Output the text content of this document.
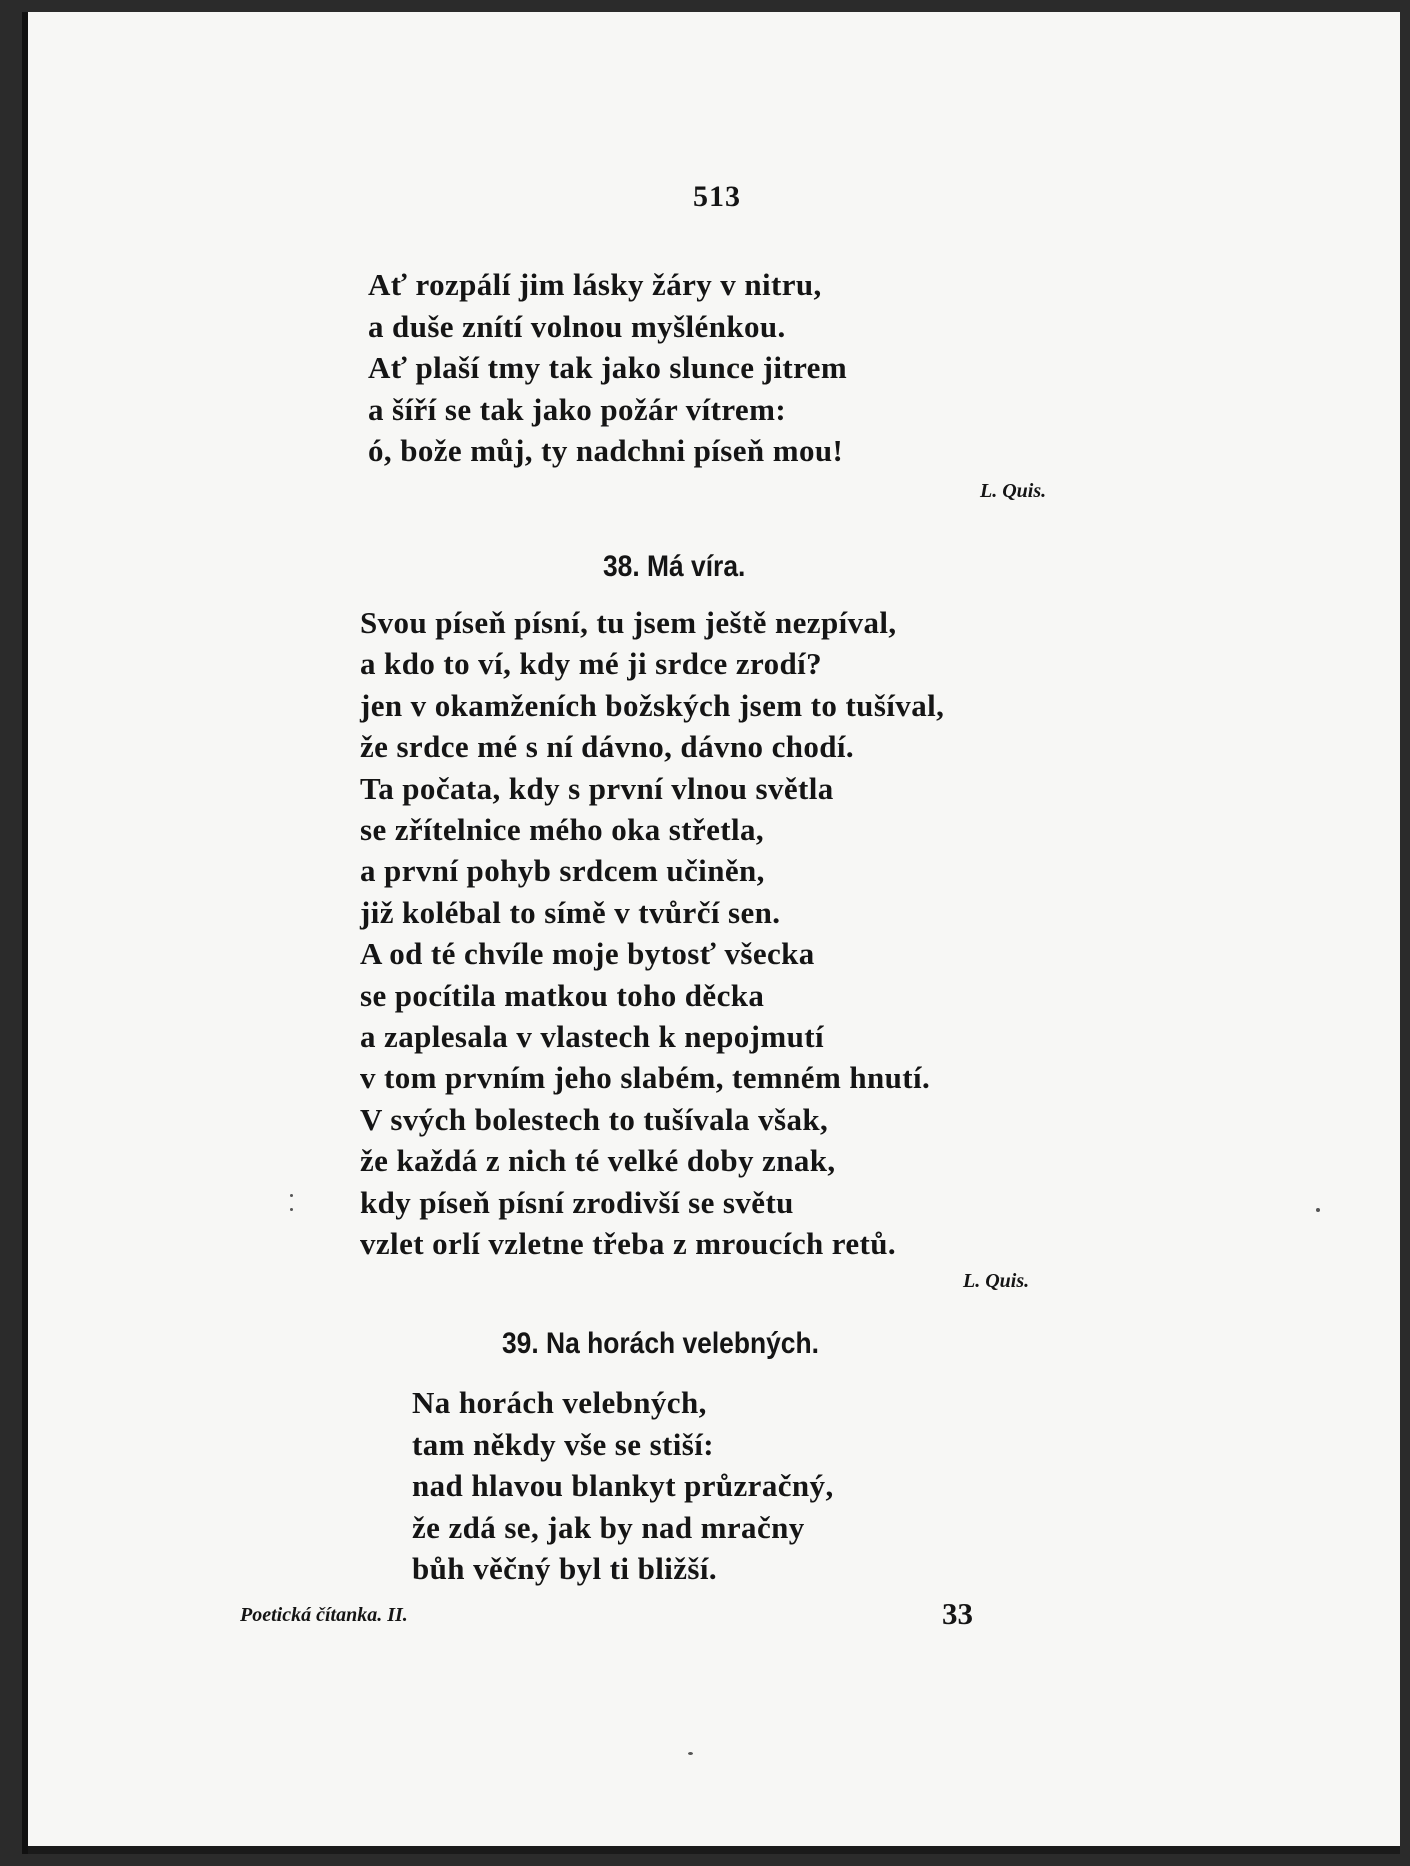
513
Ať rozpálí jim lásky žáry v nitru,
a duše znítí volnou myšlénkou.
Ať plaší tmy tak jako slunce jitrem
a šíří se tak jako požár vítrem:
ó, bože můj, ty nadchni píseň mou!
L. Quis.
38. Má víra.
Svou píseň písní, tu jsem ještě nezpíval,
a kdo to ví, kdy mé ji srdce zrodí?
jen v okamženích božských jsem to tušíval,
že srdce mé s ní dávno, dávno chodí.
Ta počata, kdy s první vlnou světla
se zřítelnice mého oka střetla,
a první pohyb srdcem učiněn,
již kolébal to símě v tvůrčí sen.
A od té chvíle moje bytosť všecka
se pocítila matkou toho děcka
a zaplesala v vlastech k nepojmutí
v tom prvním jeho slabém, temném hnutí.
V svých bolestech to tušívala však,
že každá z nich té velké doby znak,
kdy píseň písní zrodivší se světu
vzlet orlí vzletne třeba z mroucích retů.
L. Quis.
39. Na horách velebných.
Na horách velebných,
tam někdy vše se stiší:
nad hlavou blankyt průzračný,
že zdá se, jak by nad mračny
bůh věčný byl ti bližší.
Poetická čítanka. II.	33
